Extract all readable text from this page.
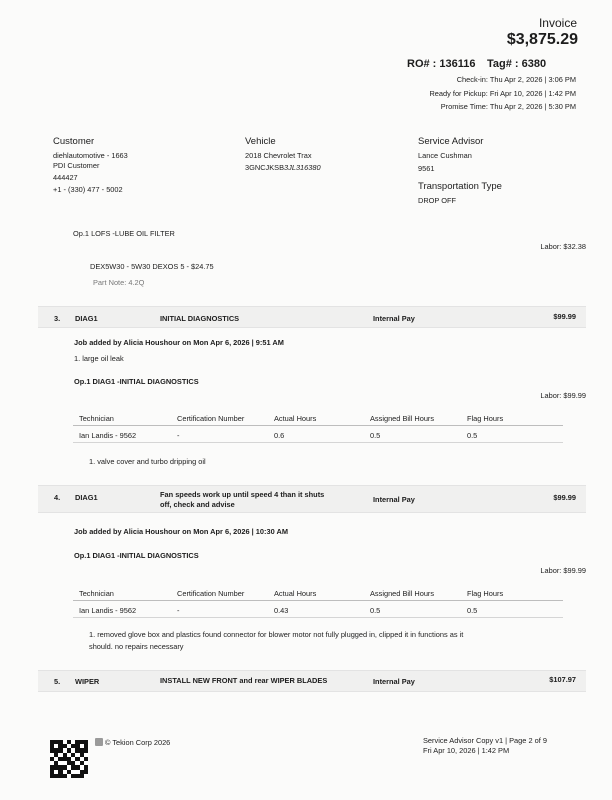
Invoice
$3,875.29
RO# : 136116 Tag# : 6380
Check-in: Thu Apr 2, 2026 | 3:06 PM
Ready for Pickup: Fri Apr 10, 2026 | 1:42 PM
Promise Time: Thu Apr 2, 2026 | 5:30 PM
Customer
diehlautomotive - 1663
PDI Customer
444427
+1 - (330) 477 - 5002
Vehicle
2018 Chevrolet Trax
3GNCJKSB3JL316380
Service Advisor
Lance Cushman
9561
Transportation Type
DROP OFF
Op.1 LOFS -LUBE OIL FILTER
Labor: $32.38
DEX5W30 - 5W30 DEXOS 5 - $24.75
Part Note: 4.2Q
3. DIAG1	INITIAL DIAGNOSTICS	Internal Pay	$99.99
Job added by Alicia Houshour on Mon Apr 6, 2026 | 9:51 AM
1. large oil leak
Op.1 DIAG1 -INITIAL DIAGNOSTICS
Labor: $99.99
Technician	Certification Number	Actual Hours	Assigned Bill Hours	Flag Hours
Ian Landis - 9562	-	0.6	0.5	0.5
1. valve cover and turbo dripping oil
4. DIAG1	Fan speeds work up until speed 4 than it shuts
off, check and advise
Internal Pay	$99.99
Job added by Alicia Houshour on Mon Apr 6, 2026 | 10:30 AM
Op.1 DIAG1 -INITIAL DIAGNOSTICS
Labor: $99.99
Technician	Certification Number	Actual Hours	Assigned Bill Hours	Flag Hours
Ian Landis - 9562	-	0.43	0.5	0.5
1. removed glove box and plastics found connector for blower motor not fully plugged in, clipped it in functions as it
should. no repairs necessary
5. WIPER	INSTALL NEW FRONT and rear WIPER BLADES	Internal Pay	$107.97
© Tekion Corp 2026	Service Advisor Copy v1 | Page 2 of 9
Fri Apr 10, 2026 | 1:42 PM
